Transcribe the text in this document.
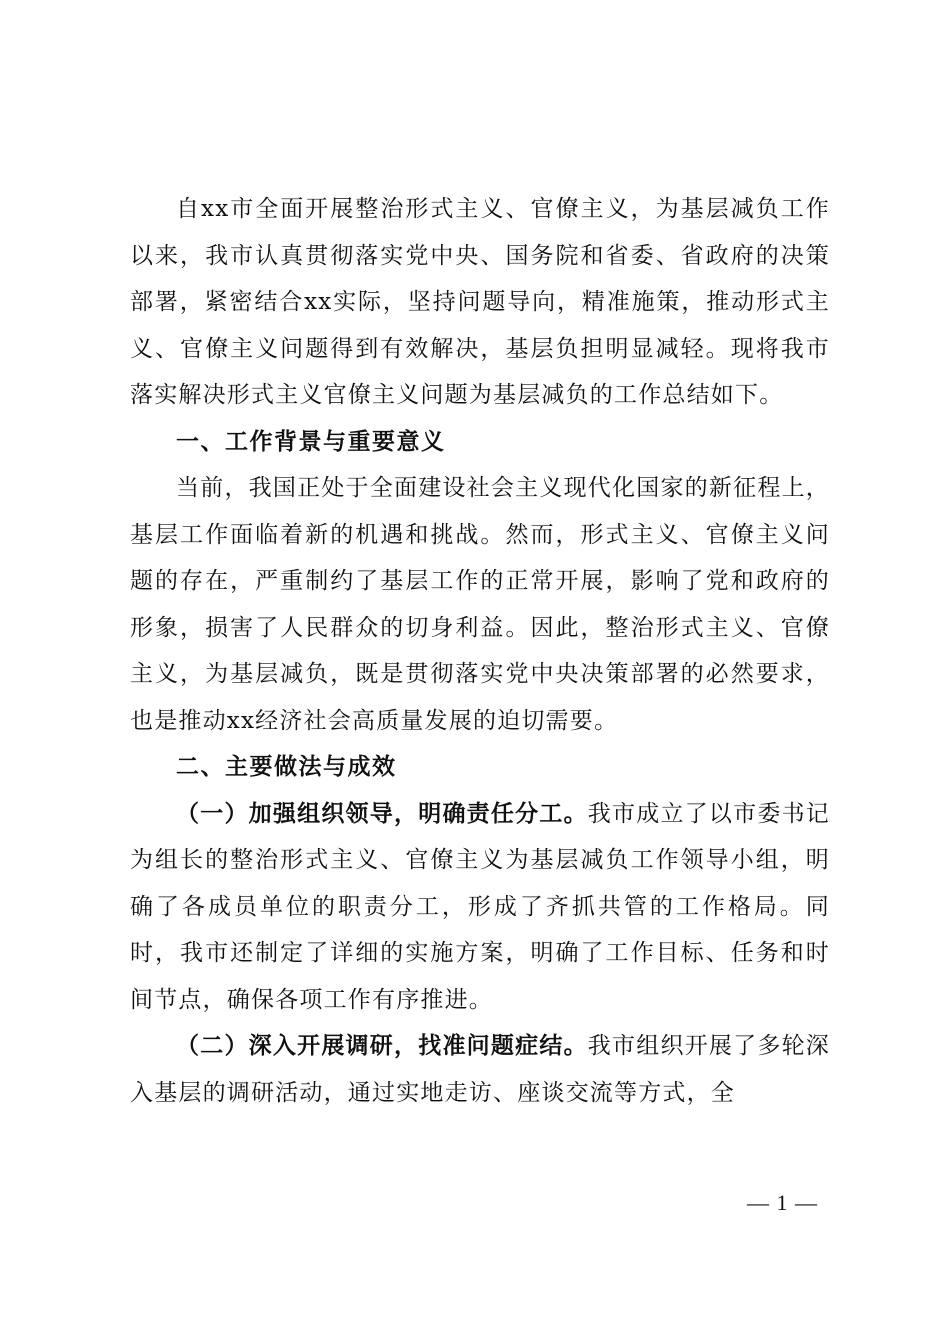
自xx市全面开展整治形式主义、官僚主义，为基层减负工作以来，我市认真贯彻落实党中央、国务院和省委、省政府的决策部署，紧密结合xx实际，坚持问题导向，精准施策，推动形式主义、官僚主义问题得到有效解决，基层负担明显减轻。现将我市落实解决形式主义官僚主义问题为基层减负的工作总结如下。

一、工作背景与重要意义

当前，我国正处于全面建设社会主义现代化国家的新征程上，基层工作面临着新的机遇和挑战。然而，形式主义、官僚主义问题的存在，严重制约了基层工作的正常开展，影响了党和政府的形象，损害了人民群众的切身利益。因此，整治形式主义、官僚主义，为基层减负，既是贯彻落实党中央决策部署的必然要求，也是推动xx经济社会高质量发展的迫切需要。

二、主要做法与成效

（一）加强组织领导，明确责任分工。我市成立了以市委书记为组长的整治形式主义、官僚主义为基层减负工作领导小组，明确了各成员单位的职责分工，形成了齐抓共管的工作格局。同时，我市还制定了详细的实施方案，明确了工作目标、任务和时间节点，确保各项工作有序推进。

（二）深入开展调研，找准问题症结。我市组织开展了多轮深入基层的调研活动，通过实地走访、座谈交流等方式，全

— 1 —
